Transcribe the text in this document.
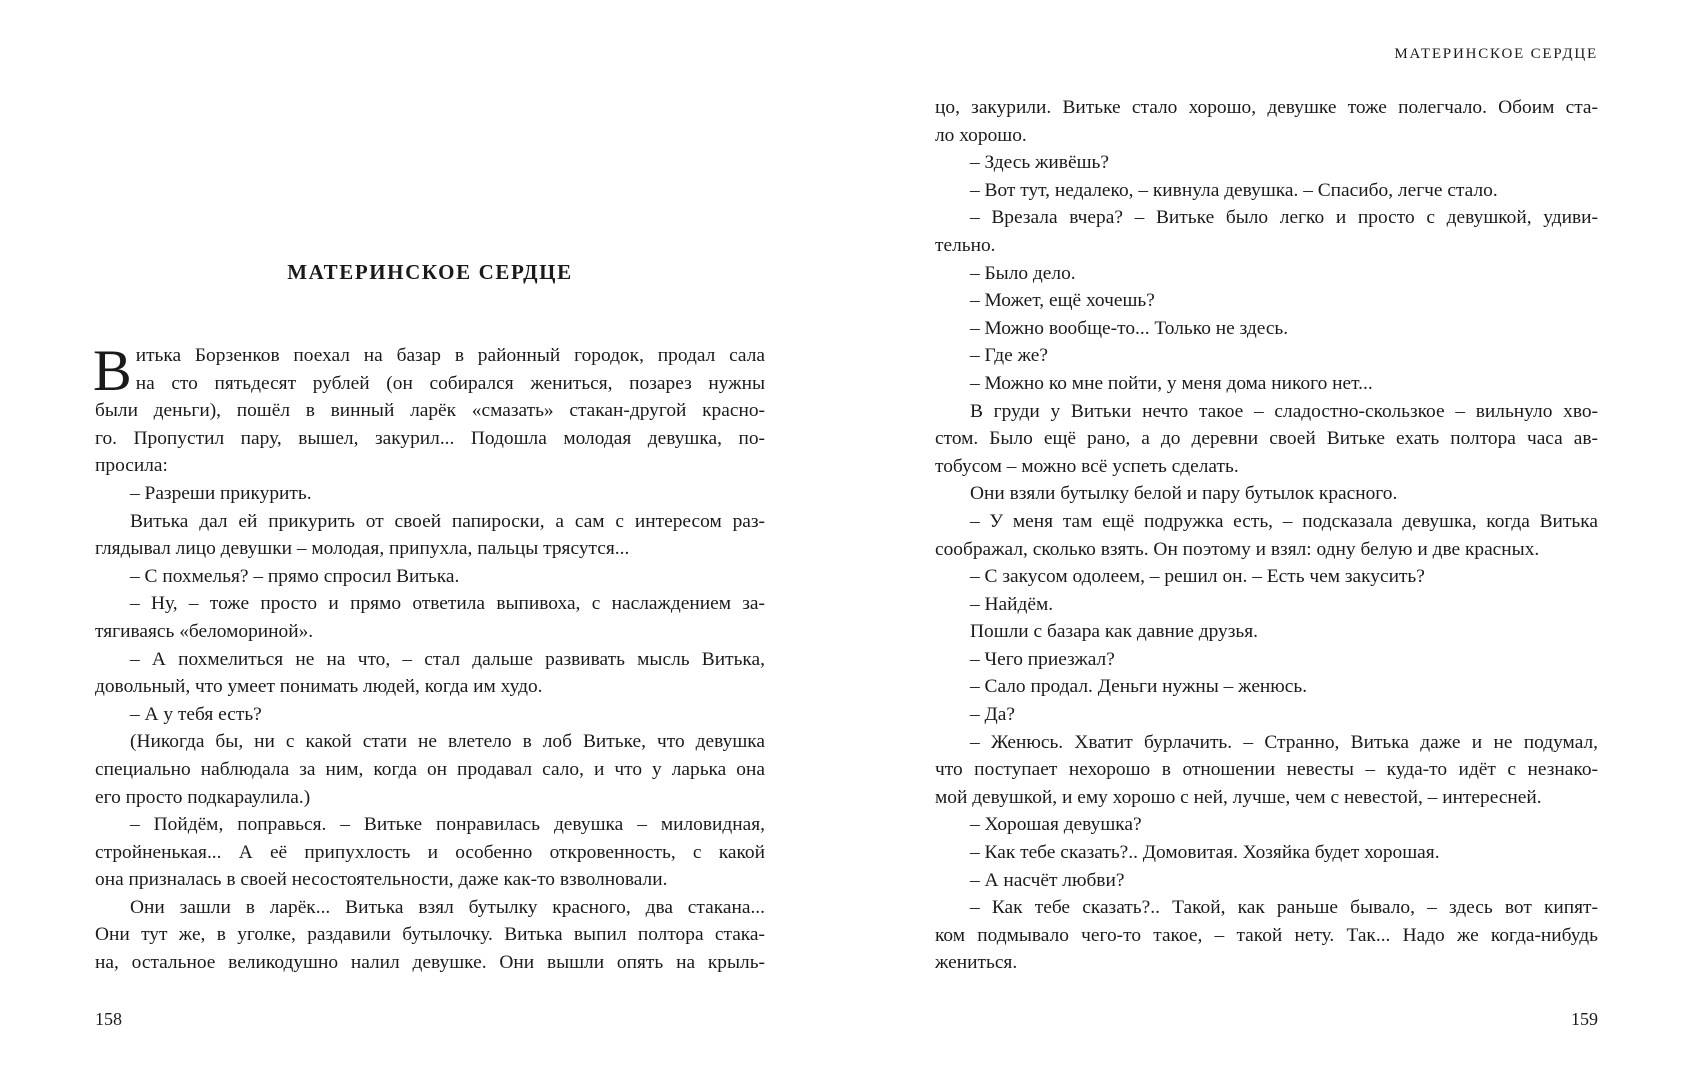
МАТЕРИНСКОЕ СЕРДЦЕ
В итька Борзенков поехал на базар в районный городок, продал сала
на сто пятьдесят рублей (он собирался жениться, позарез нужны
были деньги), пошёл в винный ларёк «смазать» стакан-другой красно-
го. Пропустил пару, вышел, закурил... Подошла молодая девушка, по-
просила:
– Разреши прикурить.
Витька дал ей прикурить от своей папироски, а сам с интересом раз-
глядывал лицо девушки – молодая, припухла, пальцы трясутся...
– С похмелья? – прямо спросил Витька.
– Ну, – тоже просто и прямо ответила выпивоха, с наслаждением за-
тягиваясь «беломориной».
– А похмелиться не на что, – стал дальше развивать мысль Витька,
довольный, что умеет понимать людей, когда им худо.
– А у тебя есть?
(Никогда бы, ни с какой стати не влетело в лоб Витьке, что девушка
специально наблюдала за ним, когда он продавал сало, и что у ларька она
его просто подкараулила.)
– Пойдём, поправься. – Витьке понравилась девушка – миловидная,
стройненькая... А её припухлость и особенно откровенность, с какой
она призналась в своей несостоятельности, даже как-то взволновали.
Они зашли в ларёк... Витька взял бутылку красного, два стакана...
Они тут же, в уголке, раздавили бутылочку. Витька выпил полтора стака-
на, остальное великодушно налил девушке. Они вышли опять на крыль-
158
МАТЕРИНСКОЕ СЕРДЦЕ
цо, закурили. Витьке стало хорошо, девушке тоже полегчало. Обоим ста-
ло хорошо.
– Здесь живёшь?
– Вот тут, недалеко, – кивнула девушка. – Спасибо, легче стало.
– Врезала вчера? – Витьке было легко и просто с девушкой, удиви-
тельно.
– Было дело.
– Может, ещё хочешь?
– Можно вообще-то... Только не здесь.
– Где же?
– Можно ко мне пойти, у меня дома никого нет...
В груди у Витьки нечто такое – сладостно-скользкое – вильнуло хво-
стом. Было ещё рано, а до деревни своей Витьке ехать полтора часа ав-
тобусом – можно всё успеть сделать.
Они взяли бутылку белой и пару бутылок красного.
– У меня там ещё подружка есть, – подсказала девушка, когда Витька
соображал, сколько взять. Он поэтому и взял: одну белую и две красных.
– С закусом одолеем, – решил он. – Есть чем закусить?
– Найдём.
Пошли с базара как давние друзья.
– Чего приезжал?
– Сало продал. Деньги нужны – женюсь.
– Да?
– Женюсь. Хватит бурлачить. – Странно, Витька даже и не подумал,
что поступает нехорошо в отношении невесты – куда-то идёт с незнако-
мой девушкой, и ему хорошо с ней, лучше, чем с невестой, – интересней.
– Хорошая девушка?
– Как тебе сказать?.. Домовитая. Хозяйка будет хорошая.
– А насчёт любви?
– Как тебе сказать?.. Такой, как раньше бывало, – здесь вот кипят-
ком подмывало чего-то такое, – такой нету. Так... Надо же когда-нибудь
жениться.
159
